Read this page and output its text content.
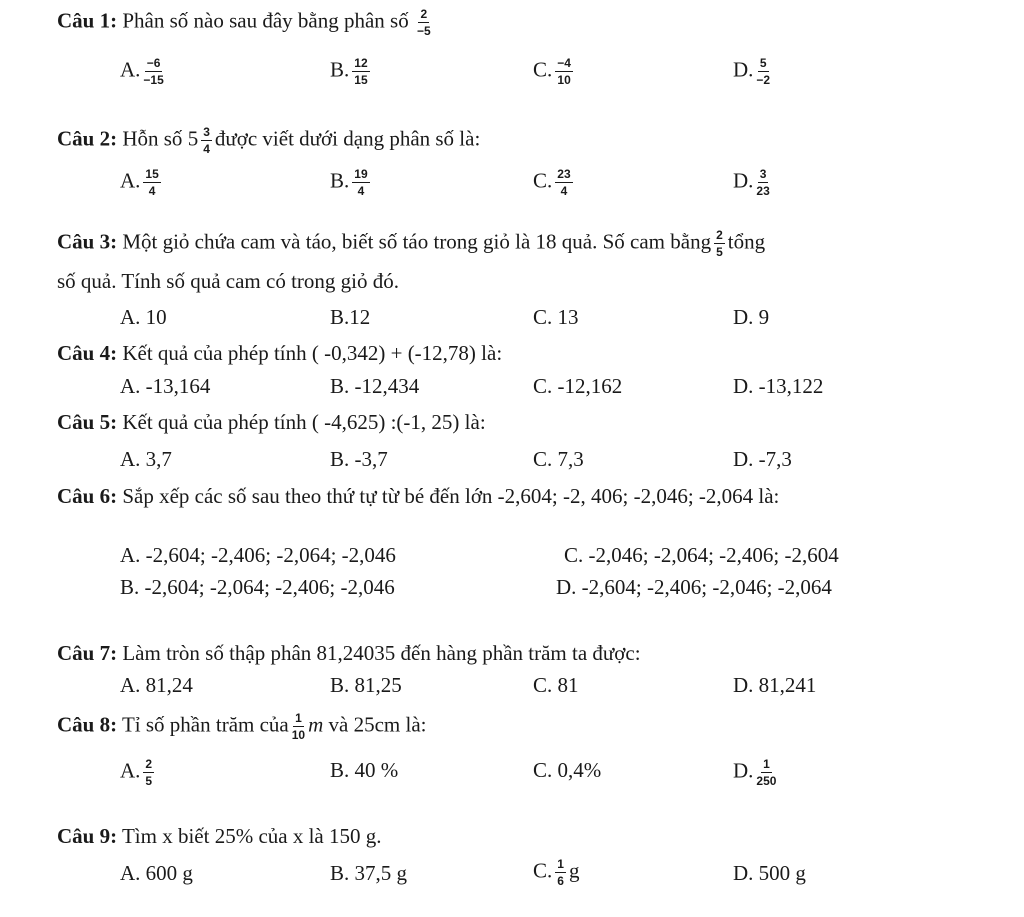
Câu 1: Phân số nào sau đây bằng phân số $\frac{2}{-5}$
A. $\frac{-6}{-15}$	B. $\frac{12}{15}$	C. $\frac{-4}{10}$	D. $\frac{5}{-2}$
Câu 2: Hỗn số $5 \frac{3}{4}$ được viết dưới dạng phân số là:
A. $\frac{15}{4}$	B. $\frac{19}{4}$	C. $\frac{23}{4}$	D. $\frac{3}{23}$
Câu 3: Một giỏ chứa cam và táo, biết số táo trong giỏ là 18 quả. Số cam bằng $\frac{2}{5}$ tổng
số quả. Tính số quả cam có trong giỏ đó.
A. 10	B.12	C. 13	D. 9
Câu 4: Kết quả của phép tính ( -0,342) + (-12,78) là:
A. -13,164	B. -12,434	C. -12,162	D. -13,122
Câu 5: Kết quả của phép tính ( -4,625) :(-1, 25) là:
A. 3,7	B. -3,7	C. 7,3	D. -7,3
Câu 6: Sắp xếp các số sau theo thứ tự từ bé đến lớn -2,604; -2, 406; -2,046; -2,064 là:
A. -2,604; -2,406; -2,064; -2,046	C. -2,046; -2,064; -2,406; -2,604
B. -2,604; -2,064; -2,406; -2,046	D. -2,604; -2,406; -2,046; -2,064
Câu 7: Làm tròn số thập phân 81,24035 đến hàng phần trăm ta được:
A. 81,24	B. 81,25	C. 81	D. 81,241
Câu 8: Tỉ số phần trăm của $\frac{1}{10}$ m và 25cm là:
A. $\frac{2}{5}$	B. 40 %	C. 0,4%	D. $\frac{1}{250}$
Câu 9: Tìm x biết 25% của x là 150 g.
A. 600 g	B. 37,5 g	C. $\frac{1}{6}$ g	D. 500 g
